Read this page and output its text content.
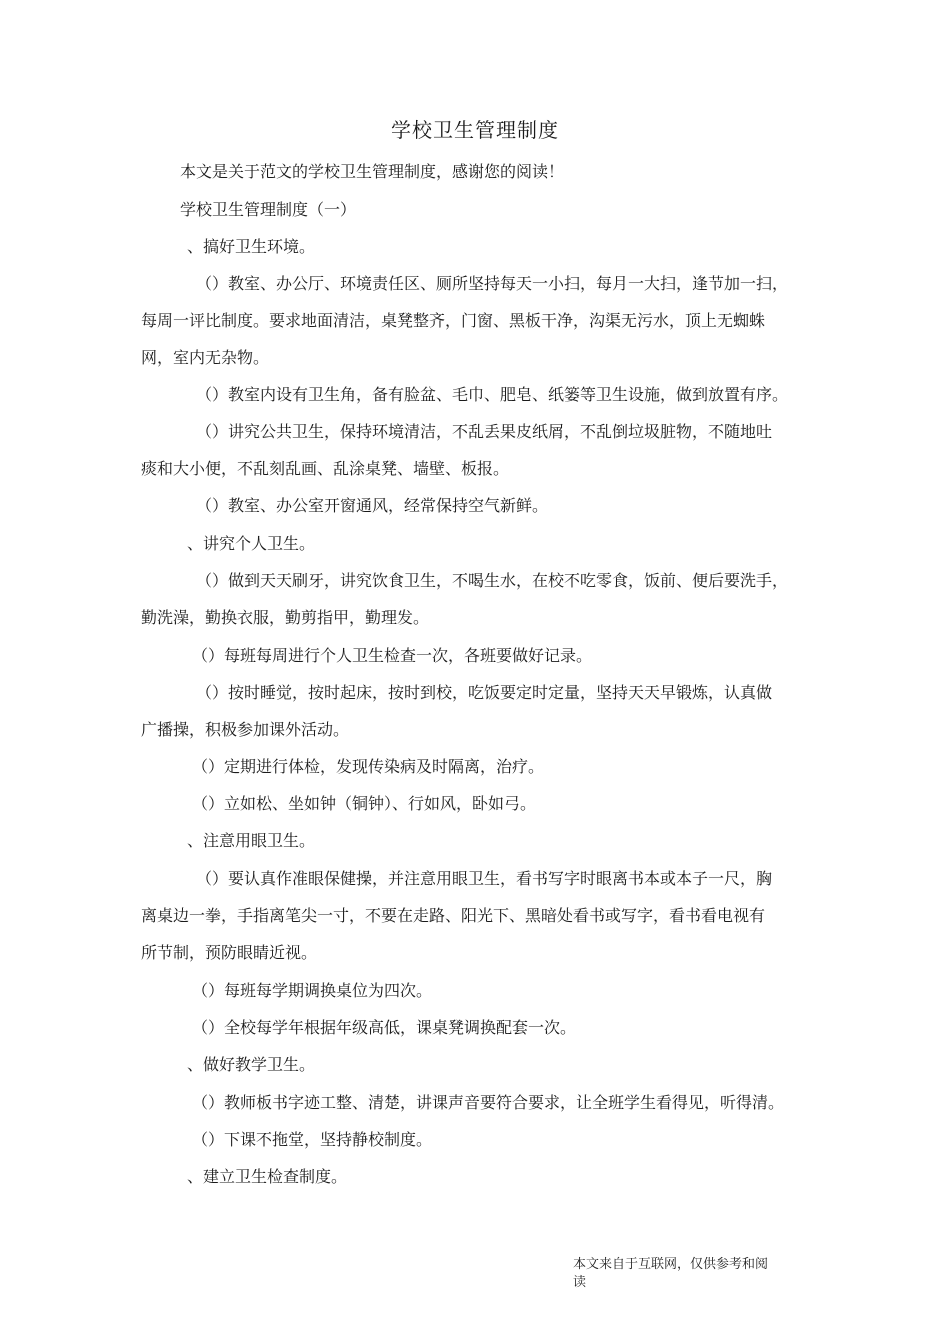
学校卫生管理制度
本文是关于范文的学校卫生管理制度，感谢您的阅读！
学校卫生管理制度（一）
、搞好卫生环境。
（）教室、办公厅、环境责任区、厕所坚持每天一小扫，每月一大扫，逢节加一扫，
每周一评比制度。要求地面清洁，桌凳整齐，门窗、黑板干净，沟渠无污水，顶上无蜘蛛
网，室内无杂物。
（）教室内设有卫生角，备有脸盆、毛巾、肥皂、纸篓等卫生设施，做到放置有序。
（）讲究公共卫生，保持环境清洁，不乱丢果皮纸屑，不乱倒垃圾脏物，不随地吐
痰和大小便，不乱刻乱画、乱涂桌凳、墙壁、板报。
（）教室、办公室开窗通风，经常保持空气新鲜。
、讲究个人卫生。
（）做到天天刷牙，讲究饮食卫生，不喝生水，在校不吃零食，饭前、便后要洗手，
勤洗澡，勤换衣服，勤剪指甲，勤理发。
（）每班每周进行个人卫生检查一次，各班要做好记录。
（）按时睡觉，按时起床，按时到校，吃饭要定时定量，坚持天天早锻炼，认真做
广播操，积极参加课外活动。
（）定期进行体检，发现传染病及时隔离，治疗。
（）立如松、坐如钟（铜钟）、行如风，卧如弓。
、注意用眼卫生。
（）要认真作准眼保健操，并注意用眼卫生，看书写字时眼离书本或本子一尺，胸
离桌边一拳，手指离笔尖一寸，不要在走路、阳光下、黑暗处看书或写字，看书看电视有
所节制，预防眼睛近视。
（）每班每学期调换桌位为四次。
（）全校每学年根据年级高低，课桌凳调换配套一次。
、做好教学卫生。
（）教师板书字迹工整、清楚，讲课声音要符合要求，让全班学生看得见，听得清。
（）下课不拖堂，坚持静校制度。
、建立卫生检查制度。
本文来自于互联网，仅供参考和阅
读
